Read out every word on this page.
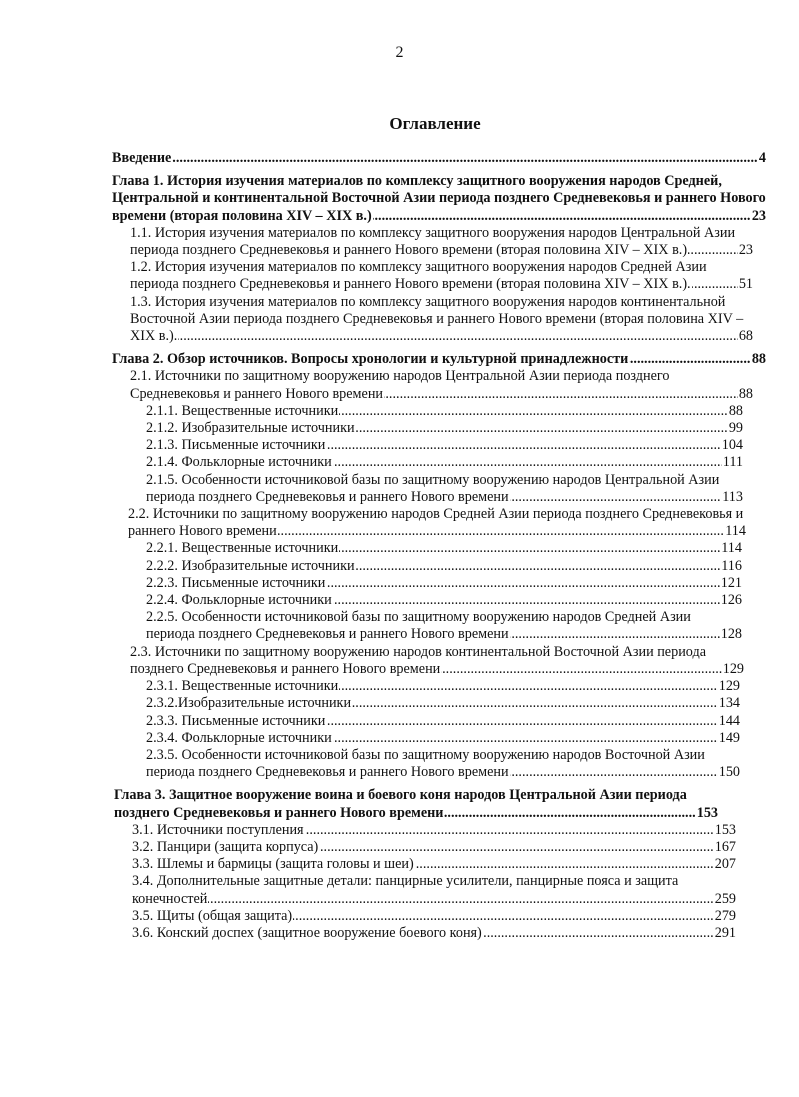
2
Оглавление
Введение	4
.....
Глава 1. История изучения материалов по комплексу защитного вооружения народов Средней, Центральной и континентальной Восточной Азии периода позднего Средневековья и раннего Нового времени (вторая половина XIV – XIX в.)	23
.....
1.1. История изучения материалов по комплексу защитного вооружения народов Центральной Азии периода позднего Средневековья и раннего Нового времени (вторая половина XIV – XIX в.)	23
.....
1.2. История изучения материалов по комплексу защитного вооружения народов Средней Азии периода позднего Средневековья и раннего Нового времени (вторая половина XIV – XIX в.).	51
.....
1.3. История изучения материалов по комплексу защитного вооружения народов континентальной Восточной Азии периода позднего Средневековья и раннего Нового времени (вторая половина XIV – XIX в.).	68
.....
Глава 2. Обзор источников. Вопросы хронологии и культурной принадлежности	88
.....
2.1. Источники по защитному вооружению народов Центральной Азии периода позднего Средневековья и раннего Нового времени	88
.....
2.1.1. Вещественные источники	88
.....
2.1.2. Изобразительные источники	99
.....
2.1.3. Письменные источники	104
.....
2.1.4. Фольклорные источники	111
.....
2.1.5. Особенности источниковой базы по защитному вооружению народов Центральной Азии периода позднего Средневековья и раннего Нового времени	113
.....
2.2. Источники по защитному вооружению народов Средней Азии периода позднего Средневековья и раннего Нового времени	114
.....
2.2.1. Вещественные источники	114
.....
2.2.2. Изобразительные источники	116
.....
2.2.3. Письменные источники	121
.....
2.2.4. Фольклорные источники	126
.....
2.2.5. Особенности источниковой базы по защитному вооружению народов Средней Азии периода позднего Средневековья и раннего Нового времени	128
.....
2.3. Источники по защитному вооружению народов континентальной Восточной Азии периода позднего Средневековья и раннего Нового времени	129
.....
2.3.1. Вещественные источники	129
.....
2.3.2.Изобразительные источники	134
.....
2.3.3. Письменные источники	144
.....
2.3.4. Фольклорные источники	149
.....
2.3.5. Особенности источниковой базы по защитному вооружению народов Восточной Азии периода позднего Средневековья и раннего Нового времени	150
.....
Глава 3. Защитное вооружение воина и боевого коня народов Центральной Азии периода позднего Средневековья и раннего Нового времени	153
.....
3.1. Источники поступления	153
.....
3.2. Панцири (защита корпуса)	167
.....
3.3. Шлемы и бармицы (защита головы и шеи)	207
.....
3.4. Дополнительные защитные детали: панцирные усилители, панцирные пояса и защита конечностей	259
.....
3.5. Щиты (общая защита)	279
.....
3.6. Конский доспех (защитное вооружение боевого коня)	291
.....
